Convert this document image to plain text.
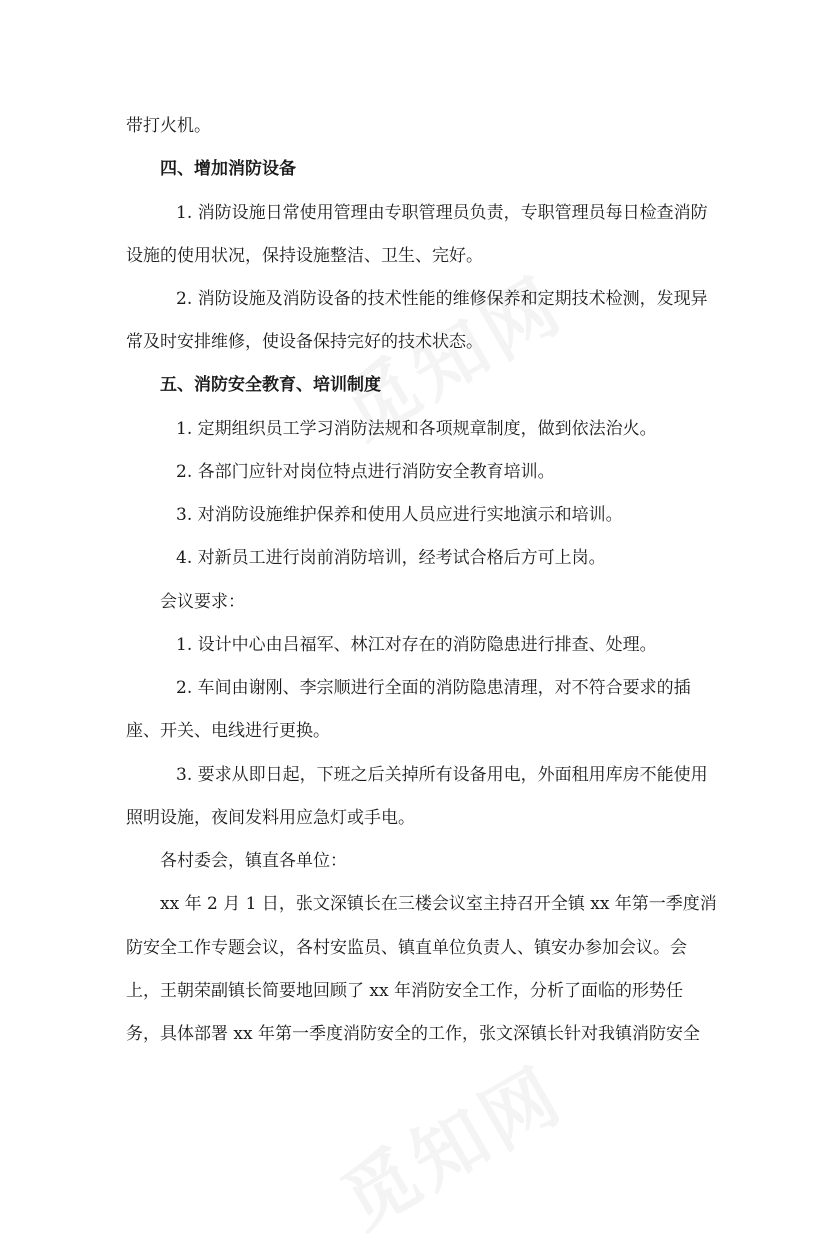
带打火机。
四、增加消防设备
1. 消防设施日常使用管理由专职管理员负责，专职管理员每日检查消防
设施的使用状况，保持设施整洁、卫生、完好。
2. 消防设施及消防设备的技术性能的维修保养和定期技术检测，发现异
常及时安排维修，使设备保持完好的技术状态。
五、消防安全教育、培训制度
1. 定期组织员工学习消防法规和各项规章制度，做到依法治火。
2. 各部门应针对岗位特点进行消防安全教育培训。
3. 对消防设施维护保养和使用人员应进行实地演示和培训。
4. 对新员工进行岗前消防培训，经考试合格后方可上岗。
会议要求：
1. 设计中心由吕福军、林江对存在的消防隐患进行排查、处理。
2. 车间由谢刚、李宗顺进行全面的消防隐患清理，对不符合要求的插
座、开关、电线进行更换。
3. 要求从即日起，下班之后关掉所有设备用电，外面租用库房不能使用
照明设施，夜间发料用应急灯或手电。
各村委会，镇直各单位：
xx 年 2 月 1 日，张文深镇长在三楼会议室主持召开全镇 xx 年第一季度消
防安全工作专题会议，各村安监员、镇直单位负责人、镇安办参加会议。会
上，王朝荣副镇长简要地回顾了 xx 年消防安全工作，分析了面临的形势任
务，具体部署 xx 年第一季度消防安全的工作，张文深镇长针对我镇消防安全
